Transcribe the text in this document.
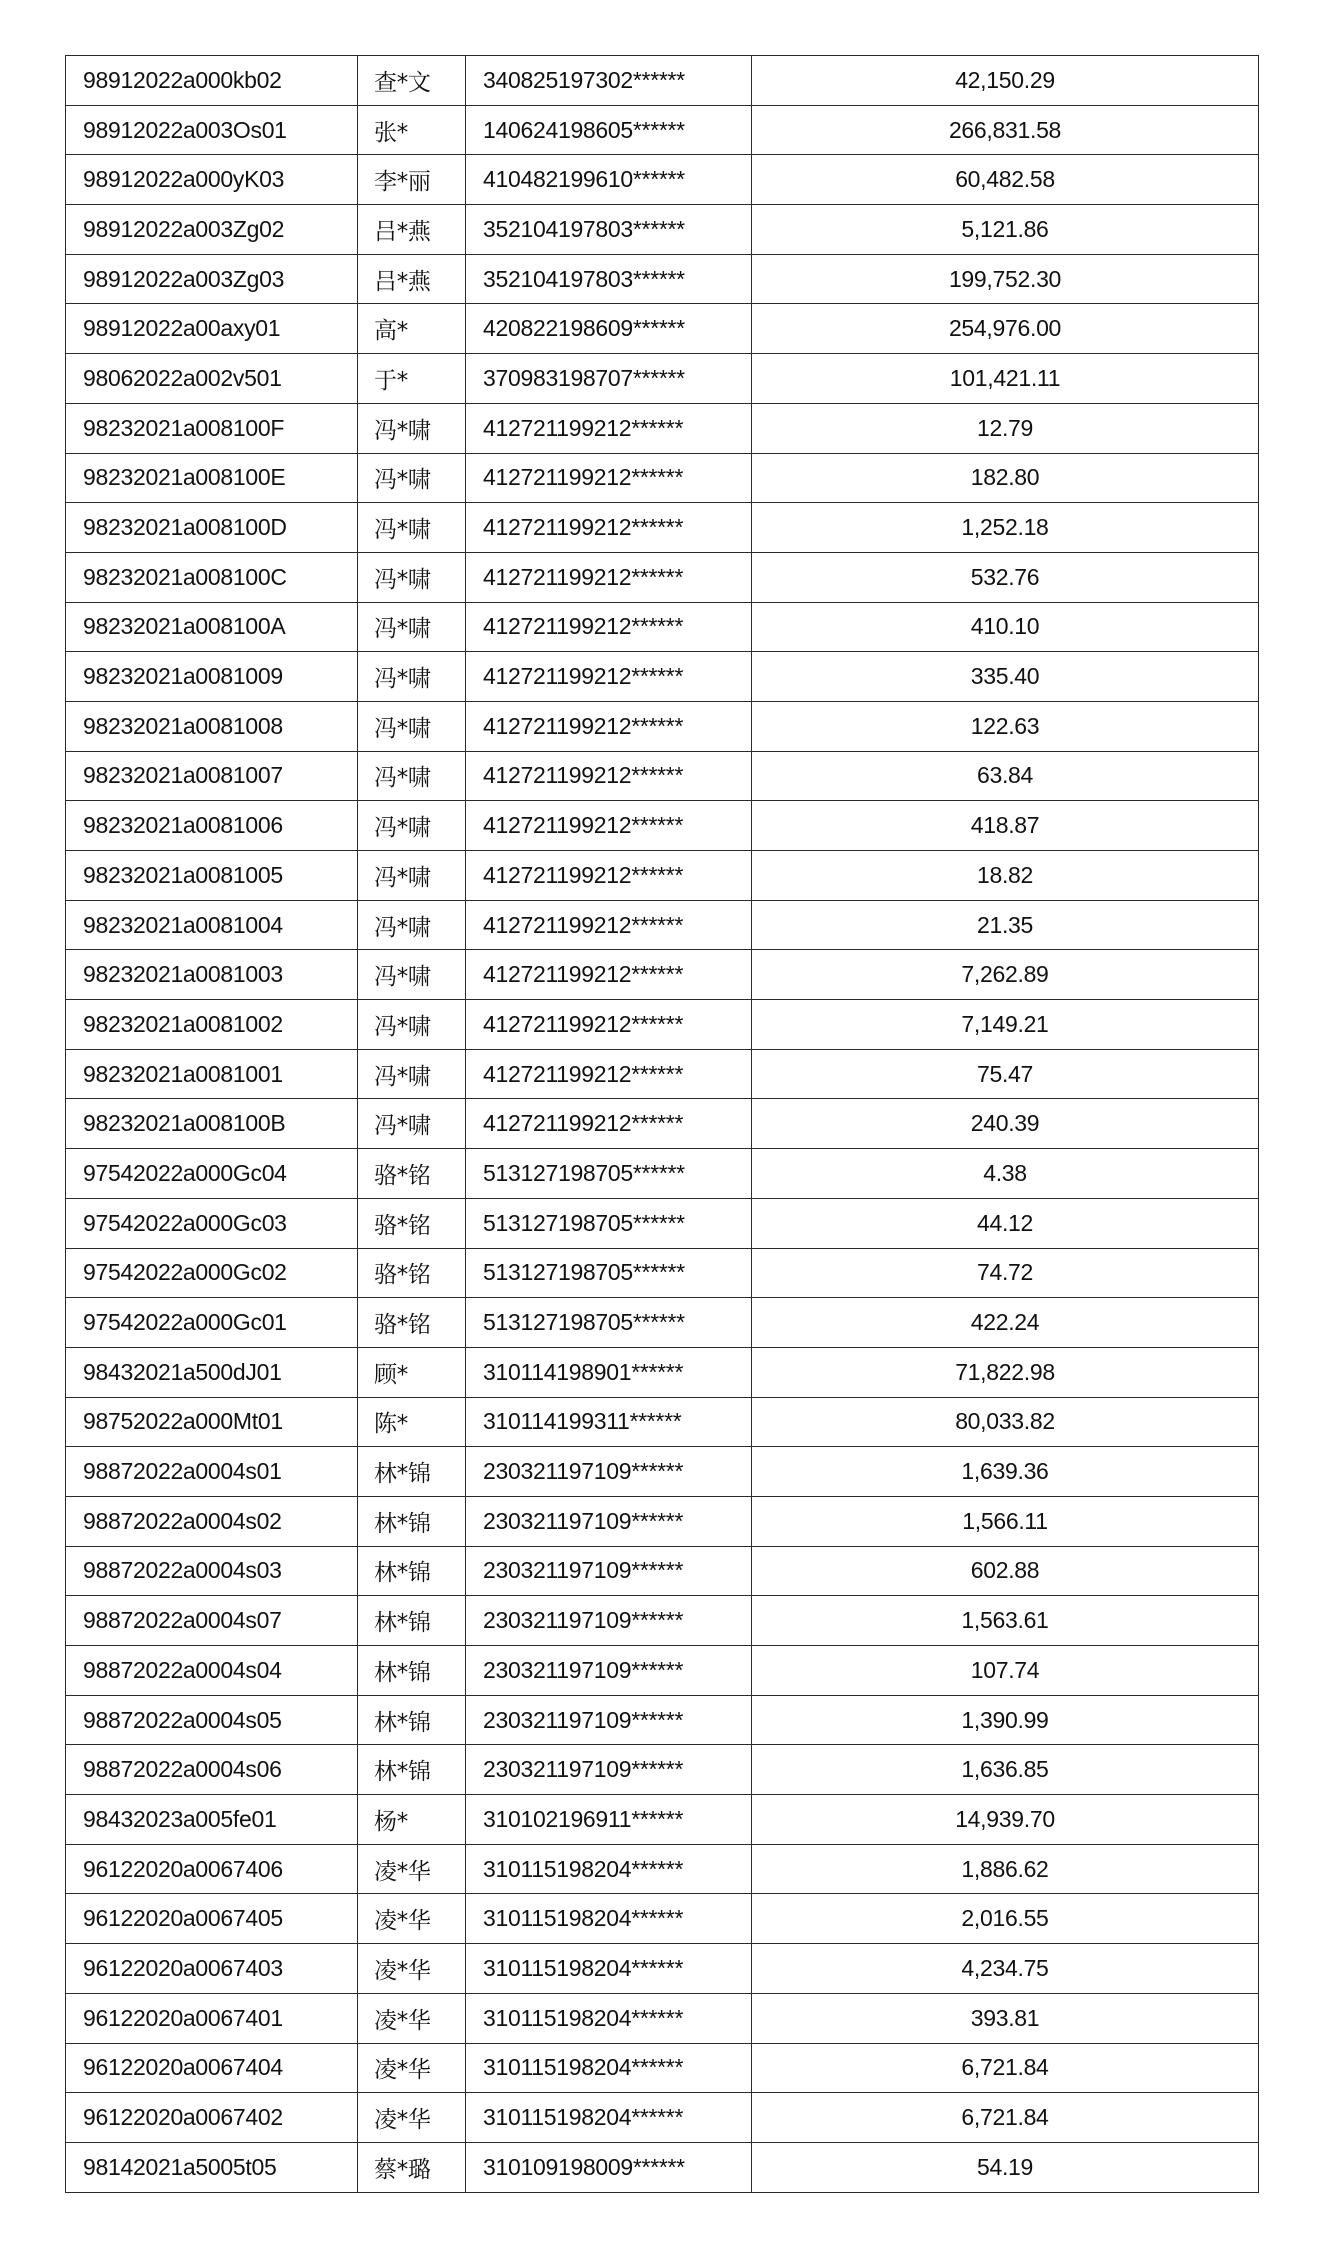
98912022a000kb02	查*文	340825197302******	42,150.29
98912022a003Os01	张*	140624198605******	266,831.58
98912022a000yK03	李*丽	410482199610******	60,482.58
98912022a003Zg02	吕*燕	352104197803******	5,121.86
98912022a003Zg03	吕*燕	352104197803******	199,752.30
98912022a00axy01	高*	420822198609******	254,976.00
98062022a002v501	于*	370983198707******	101,421.11
98232021a008100F	冯*啸	412721199212******	12.79
98232021a008100E	冯*啸	412721199212******	182.80
98232021a008100D	冯*啸	412721199212******	1,252.18
98232021a008100C	冯*啸	412721199212******	532.76
98232021a008100A	冯*啸	412721199212******	410.10
98232021a0081009	冯*啸	412721199212******	335.40
98232021a0081008	冯*啸	412721199212******	122.63
98232021a0081007	冯*啸	412721199212******	63.84
98232021a0081006	冯*啸	412721199212******	418.87
98232021a0081005	冯*啸	412721199212******	18.82
98232021a0081004	冯*啸	412721199212******	21.35
98232021a0081003	冯*啸	412721199212******	7,262.89
98232021a0081002	冯*啸	412721199212******	7,149.21
98232021a0081001	冯*啸	412721199212******	75.47
98232021a008100B	冯*啸	412721199212******	240.39
97542022a000Gc04	骆*铭	513127198705******	4.38
97542022a000Gc03	骆*铭	513127198705******	44.12
97542022a000Gc02	骆*铭	513127198705******	74.72
97542022a000Gc01	骆*铭	513127198705******	422.24
98432021a500dJ01	顾*	310114198901******	71,822.98
98752022a000Mt01	陈*	310114199311******	80,033.82
98872022a0004s01	林*锦	230321197109******	1,639.36
98872022a0004s02	林*锦	230321197109******	1,566.11
98872022a0004s03	林*锦	230321197109******	602.88
98872022a0004s07	林*锦	230321197109******	1,563.61
98872022a0004s04	林*锦	230321197109******	107.74
98872022a0004s05	林*锦	230321197109******	1,390.99
98872022a0004s06	林*锦	230321197109******	1,636.85
98432023a005fe01	杨*	310102196911******	14,939.70
96122020a0067406	凌*华	310115198204******	1,886.62
96122020a0067405	凌*华	310115198204******	2,016.55
96122020a0067403	凌*华	310115198204******	4,234.75
96122020a0067401	凌*华	310115198204******	393.81
96122020a0067404	凌*华	310115198204******	6,721.84
96122020a0067402	凌*华	310115198204******	6,721.84
98142021a5005t05	蔡*璐	310109198009******	54.19
